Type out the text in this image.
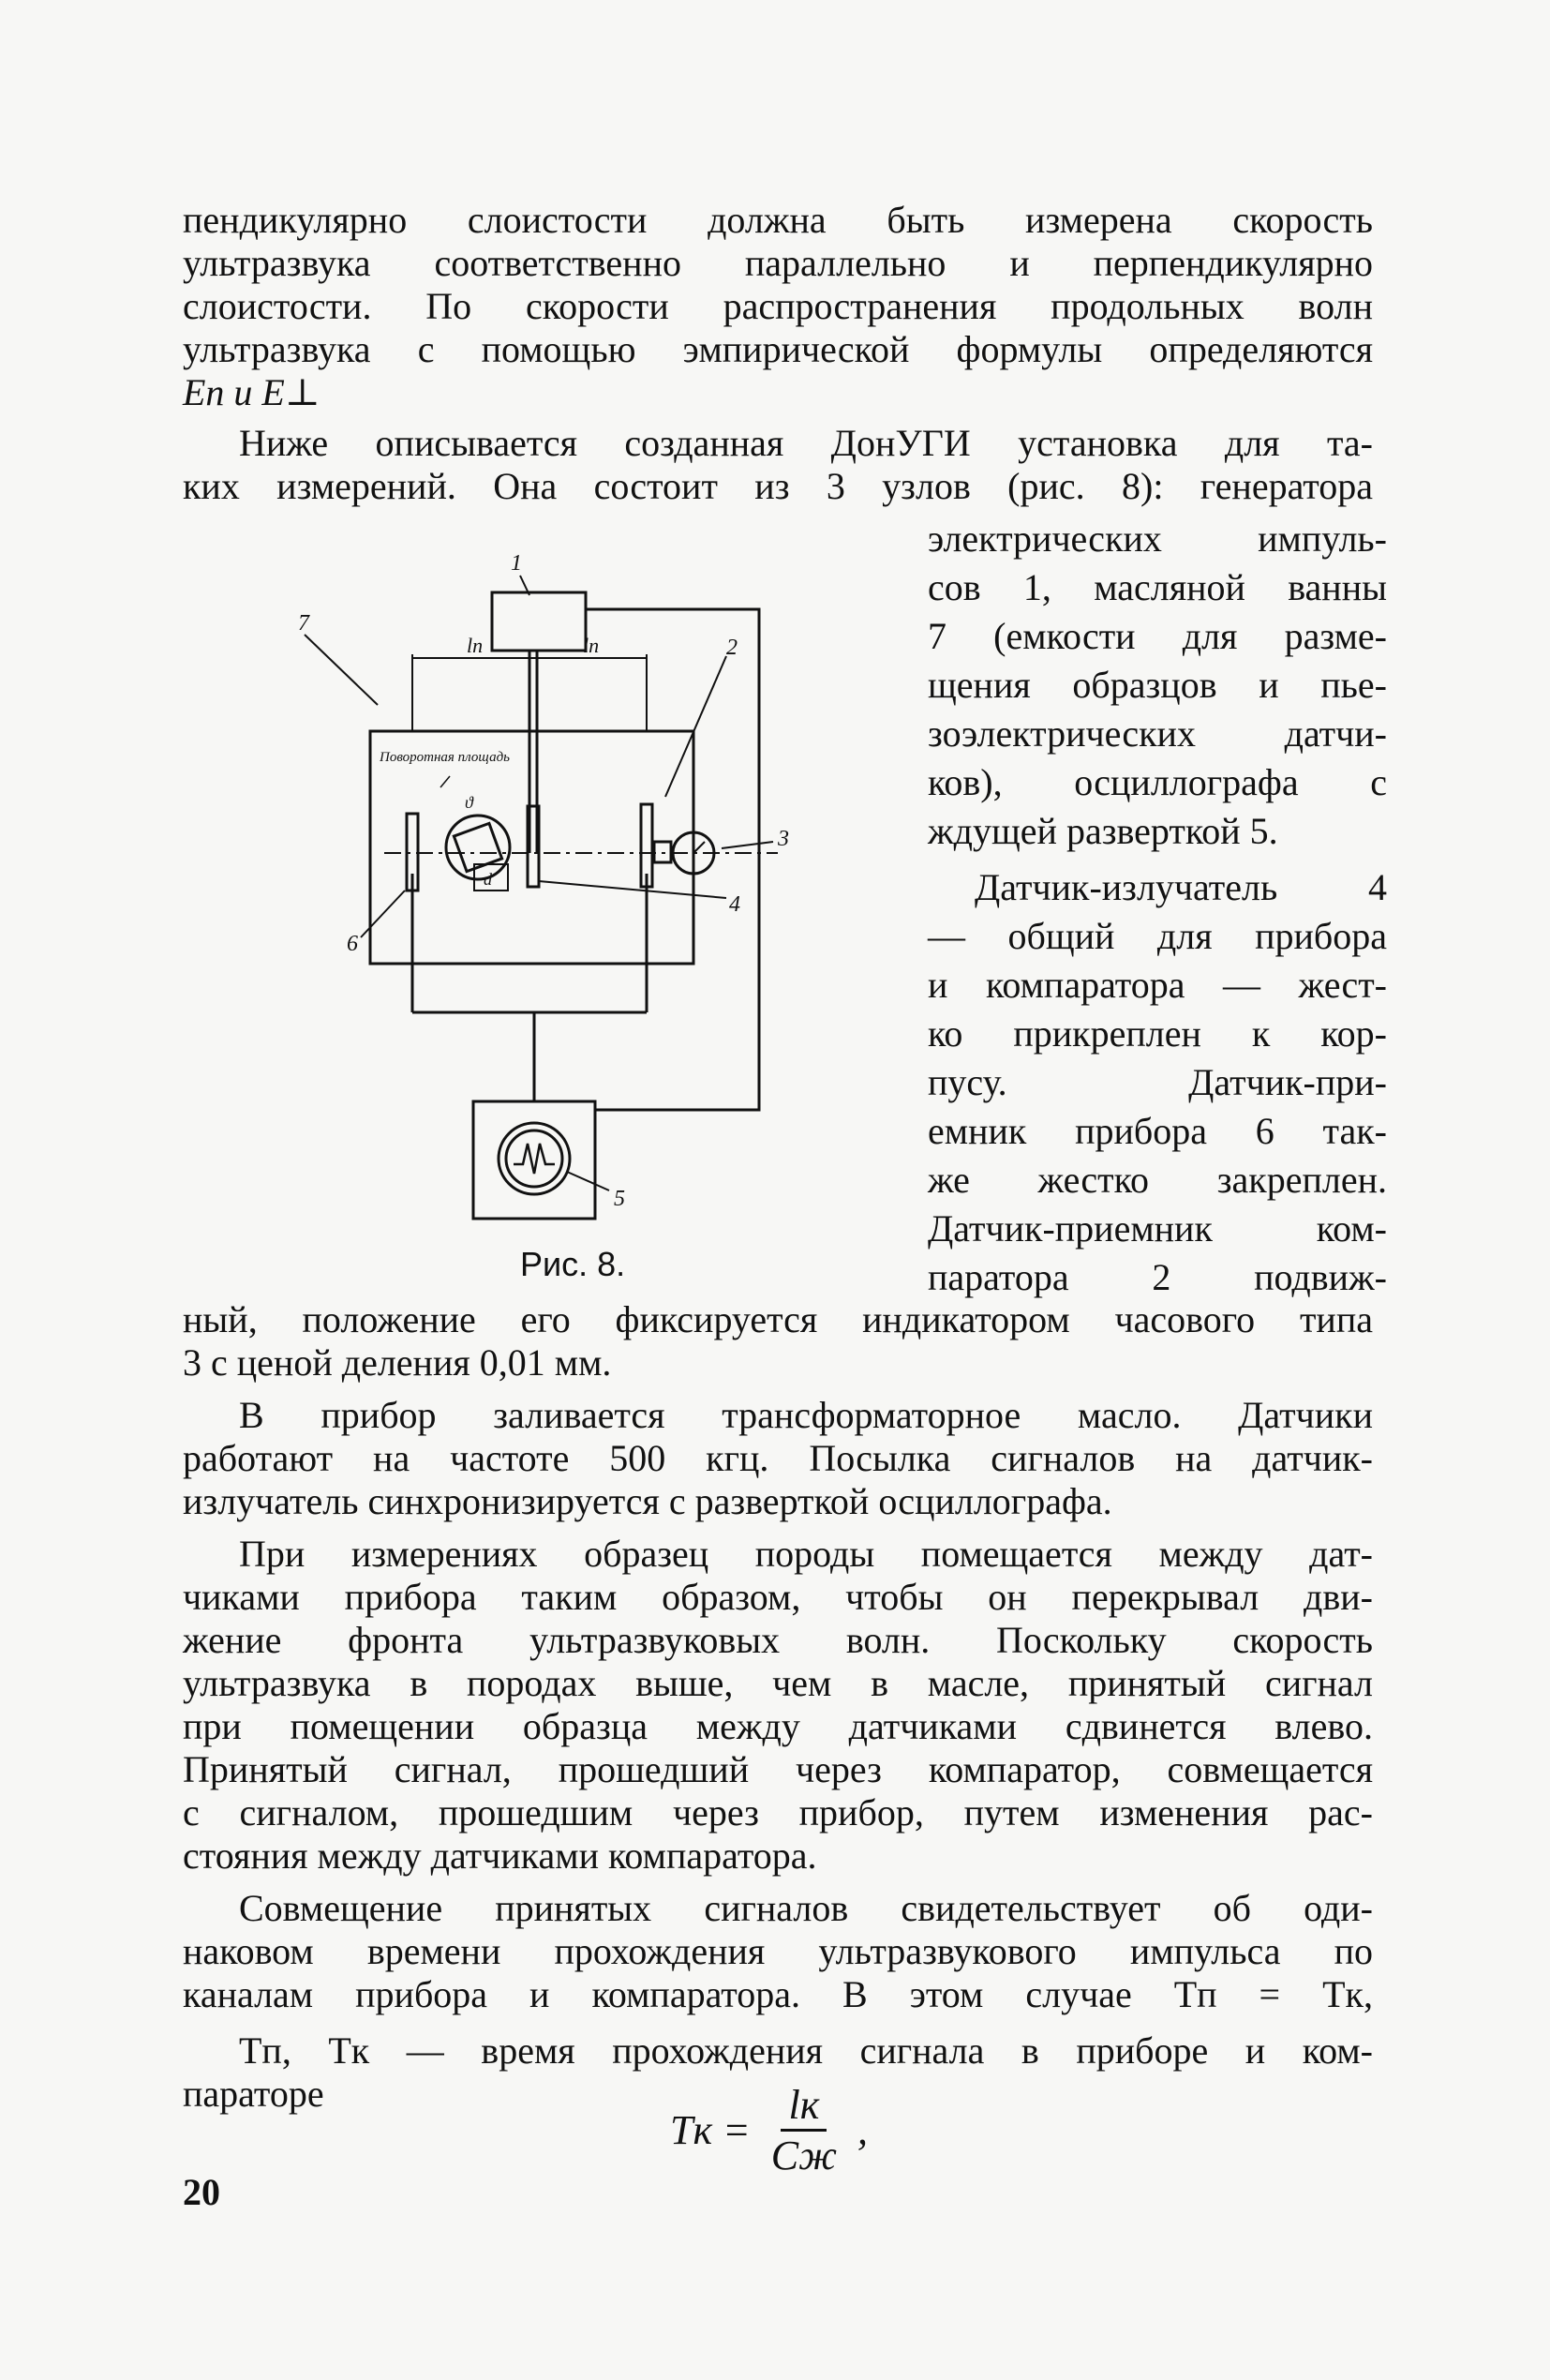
пендикулярно слоистости должна быть измерена скорость
ультразвука соответственно параллельно и перпендикулярно
слоистости. По скорости распространения продольных волн
ультразвука с помощью эмпирической формулы определяются
Eп и E⊥
Ниже описывается созданная ДонУГИ установка для та-
ких измерений. Она состоит из 3 узлов (рис. 8): генератора
электрических импуль-
сов 1, масляной ванны
7 (емкости для разме-
щения образцов и пье-
зоэлектрических датчи-
ков), осциллографа с
ждущей разверткой 5.
Датчик-излучатель 4
— общий для прибора
и компаратора — жест-
ко прикреплен к кор-
пусу. Датчик-при-
емник прибора 6 так-
же жестко закреплен.
Датчик-приемник ком-
паратора 2 подвиж-
ный, положение его фиксируется индикатором часового типа
3 с ценой деления 0,01 мм.
В прибор заливается трансформаторное масло. Датчики
работают на частоте 500 кгц. Посылка сигналов на датчик-
излучатель синхронизируется с разверткой осциллографа.
При измерениях образец породы помещается между дат-
чиками прибора таким образом, чтобы он перекрывал дви-
жение фронта ультразвуковых волн. Поскольку скорость
ультразвука в породах выше, чем в масле, принятый сигнал
при помещении образца между датчиками сдвинется влево.
Принятый сигнал, прошедший через компаратор, совмещается
с сигналом, прошедшим через прибор, путем изменения рас-
стояния между датчиками компаратора.
Совмещение принятых сигналов свидетельствует об оди-
наковом времени прохождения ультразвукового импульса по
каналам прибора и компаратора. В этом случае Tп = Tк,
Tп, Tк — время прохождения сигнала в приборе и ком-
параторе
7
1
2
3
4
6
5
lп	lп
Поворотная площадь
ϑ
d
Рис. 8.
Tк = $\frac{lк}{Cж}$ ,
20
